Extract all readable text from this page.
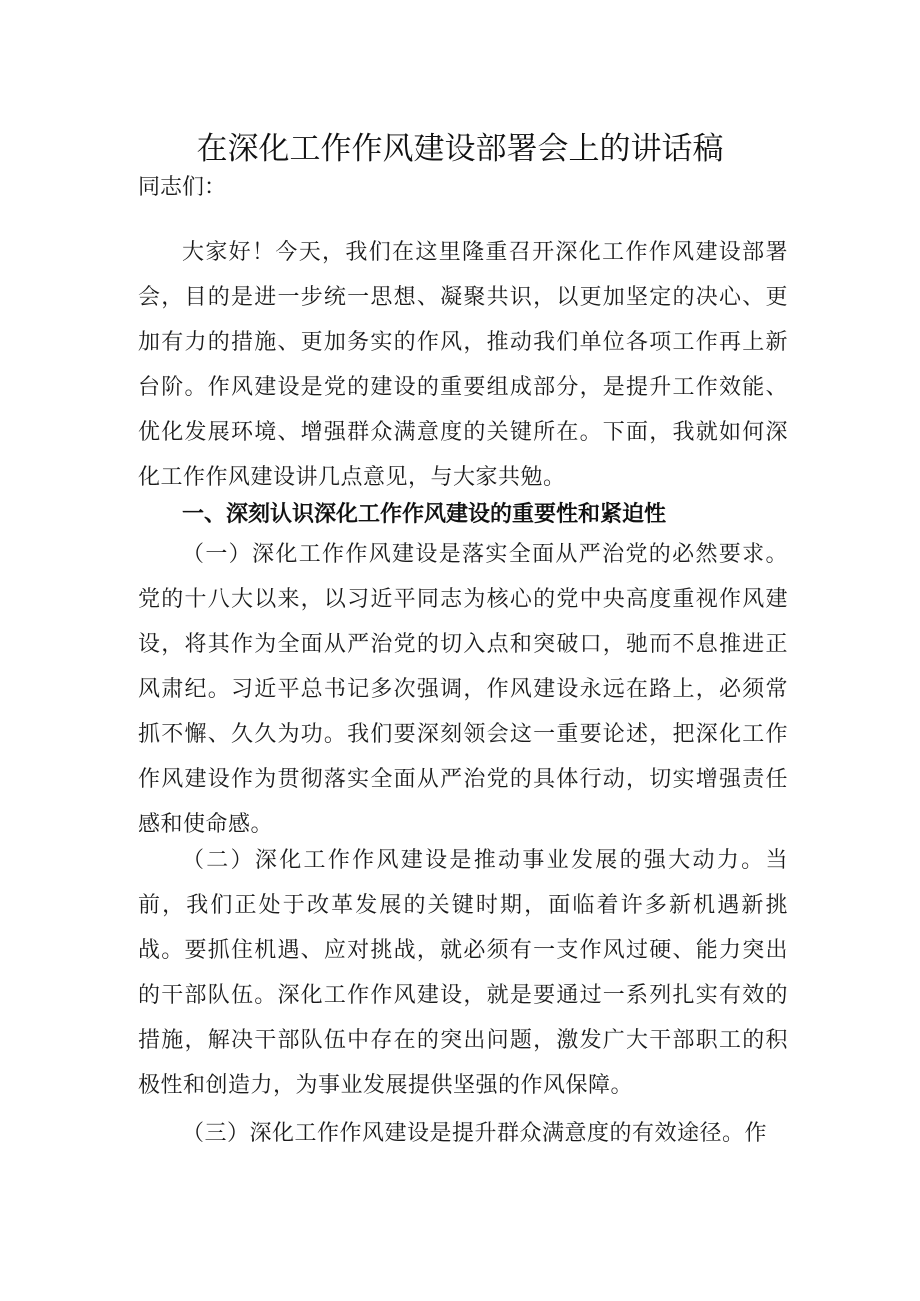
在深化工作作风建设部署会上的讲话稿

同志们：

大家好！今天，我们在这里隆重召开深化工作作风建设部署会，目的是进一步统一思想、凝聚共识，以更加坚定的决心、更加有力的措施、更加务实的作风，推动我们单位各项工作再上新台阶。作风建设是党的建设的重要组成部分，是提升工作效能、优化发展环境、增强群众满意度的关键所在。下面，我就如何深化工作作风建设讲几点意见，与大家共勉。

一、深刻认识深化工作作风建设的重要性和紧迫性

（一）深化工作作风建设是落实全面从严治党的必然要求。党的十八大以来，以习近平同志为核心的党中央高度重视作风建设，将其作为全面从严治党的切入点和突破口，驰而不息推进正风肃纪。习近平总书记多次强调，作风建设永远在路上，必须常抓不懈、久久为功。我们要深刻领会这一重要论述，把深化工作作风建设作为贯彻落实全面从严治党的具体行动，切实增强责任感和使命感。

（二）深化工作作风建设是推动事业发展的强大动力。当前，我们正处于改革发展的关键时期，面临着许多新机遇新挑战。要抓住机遇、应对挑战，就必须有一支作风过硬、能力突出的干部队伍。深化工作作风建设，就是要通过一系列扎实有效的措施，解决干部队伍中存在的突出问题，激发广大干部职工的积极性和创造力，为事业发展提供坚强的作风保障。

（三）深化工作作风建设是提升群众满意度的有效途径。作
